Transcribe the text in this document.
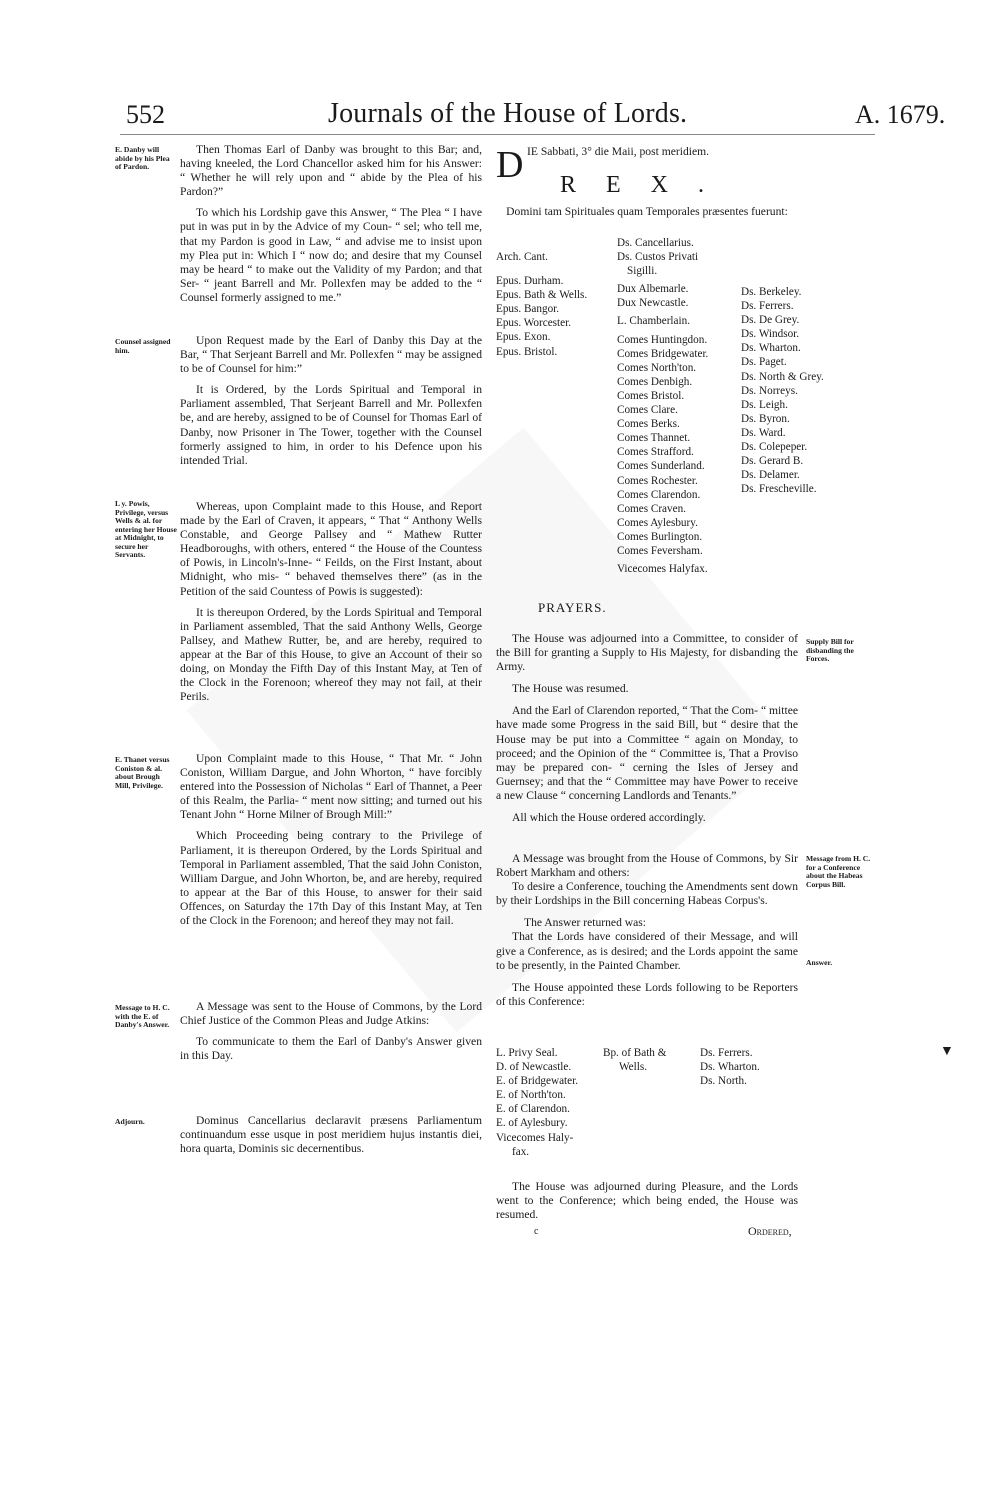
552	Journals of the House of Lords.	A. 1679.
E. Danby will abide by his Plea of Pardon.
Counsel assigned him.
L y. Powis, Privilege, versus Wells & al. for entering her House at Midnight, to secure her Servants.
E. Thanet versus Coniston & al. about Brough Mill, Privilege.
Message to H. C. with the E. of Danby's Answer.
Adjourn.

Then Thomas Earl of Danby was brought to this Bar; and, having kneeled, the Lord Chancellor asked him for his Answer: “ Whether he will rely upon and “ abide by the Plea of his Pardon?”

To which his Lordship gave this Answer, “ The Plea “ I have put in was put in by the Advice of my Coun- “ sel; who tell me, that my Pardon is good in Law, “ and advise me to insist upon my Plea put in: Which I “ now do; and desire that my Counsel may be heard “ to make out the Validity of my Pardon; and that Ser- “ jeant Barrell and Mr. Pollexfen may be added to the “ Counsel formerly assigned to me.”

Upon Request made by the Earl of Danby this Day at the Bar, “ That Serjeant Barrell and Mr. Pollexfen “ may be assigned to be of Counsel for him:”

It is Ordered, by the Lords Spiritual and Temporal in Parliament assembled, That Serjeant Barrell and Mr. Pollexfen be, and are hereby, assigned to be of Counsel for Thomas Earl of Danby, now Prisoner in The Tower, together with the Counsel formerly assigned to him, in order to his Defence upon his intended Trial.

Whereas, upon Complaint made to this House, and Report made by the Earl of Craven, it appears, “ That “ Anthony Wells Constable, and George Pallsey and “ Mathew Rutter Headboroughs, with others, entered “ the House of the Countess of Powis, in Lincoln's-Inne- “ Feilds, on the First Instant, about Midnight, who mis- “ behaved themselves there” (as in the Petition of the said Countess of Powis is suggested):

It is thereupon Ordered, by the Lords Spiritual and Temporal in Parliament assembled, That the said Anthony Wells, George Pallsey, and Mathew Rutter, be, and are hereby, required to appear at the Bar of this House, to give an Account of their so doing, on Monday the Fifth Day of this Instant May, at Ten of the Clock in the Forenoon; whereof they may not fail, at their Perils.

Upon Complaint made to this House, “ That Mr. “ John Coniston, William Dargue, and John Whorton, “ have forcibly entered into the Possession of Nicholas “ Earl of Thannet, a Peer of this Realm, the Parlia- “ ment now sitting; and turned out his Tenant John “ Horne Milner of Brough Mill:”

Which Proceeding being contrary to the Privilege of Parliament, it is thereupon Ordered, by the Lords Spiritual and Temporal in Parliament assembled, That the said John Coniston, William Dargue, and John Whorton, be, and are hereby, required to appear at the Bar of this House, to answer for their said Offences, on Saturday the 17th Day of this Instant May, at Ten of the Clock in the Forenoon; and hereof they may not fail.

A Message was sent to the House of Commons, by the Lord Chief Justice of the Common Pleas and Judge Atkins:

To communicate to them the Earl of Danby's Answer given in this Day.

Dominus Cancellarius declaravit præsens Parliamentum continuandum esse usque in post meridiem hujus instantis diei, hora quarta, Dominis sic decernentibus.

D IE Sabbati, 3° die Maii, post meridiem.
REX.
Domini tam Spirituales quam Temporales præsentes fuerunt:
Arch. Cant.
Epus. Durham.
Epus. Bath & Wells.
Epus. Bangor.
Epus. Worcester.
Epus. Exon.
Epus. Bristol.
Ds. Cancellarius.
Ds. Custos Privati
Sigilli.
Dux Albemarle.
Dux Newcastle.
L. Chamberlain.
Comes Huntingdon.
Comes Bridgewater.
Comes North'ton.
Comes Denbigh.
Comes Bristol.
Comes Clare.
Comes Berks.
Comes Thannet.
Comes Strafford.
Comes Sunderland.
Comes Rochester.
Comes Clarendon.
Comes Craven.
Comes Aylesbury.
Comes Burlington.
Comes Feversham.
Vicecomes Halyfax.
Ds. Berkeley.
Ds. Ferrers.
Ds. De Grey.
Ds. Windsor.
Ds. Wharton.
Ds. Paget.
Ds. North & Grey.
Ds. Norreys.
Ds. Leigh.
Ds. Byron.
Ds. Ward.
Ds. Colepeper.
Ds. Gerard B.
Ds. Delamer.
Ds. Frescheville.
PRAYERS.
Supply Bill for disbanding the Forces.
Message from H. C. for a Conference about the Habeas Corpus Bill.
Answer.

The House was adjourned into a Committee, to consider of the Bill for granting a Supply to His Majesty, for disbanding the Army.

The House was resumed.

And the Earl of Clarendon reported, “ That the Com- “ mittee have made some Progress in the said Bill, but “ desire that the House may be put into a Committee “ again on Monday, to proceed; and the Opinion of the “ Committee is, That a Proviso may be prepared con- “ cerning the Isles of Jersey and Guernsey; and that the “ Committee may have Power to receive a new Clause “ concerning Landlords and Tenants.”

All which the House ordered accordingly.

A Message was brought from the House of Commons, by Sir Robert Markham and others:

To desire a Conference, touching the Amendments sent down by their Lordships in the Bill concerning Habeas Corpus's.

The Answer returned was:

That the Lords have considered of their Message, and will give a Conference, as is desired; and the Lords appoint the same to be presently, in the Painted Chamber.

The House appointed these Lords following to be Reporters of this Conference:

L. Privy Seal.
D. of Newcastle.
E. of Bridgewater.
E. of North'ton.
E. of Clarendon.
E. of Aylesbury.
Vicecomes Haly-
fax.
Bp. of Bath &
Wells.
Ds. Ferrers.
Ds. Wharton.
Ds. North.
▼

The House was adjourned during Pleasure, and the Lords went to the Conference; which being ended, the House was resumed.

c	Ordered,
